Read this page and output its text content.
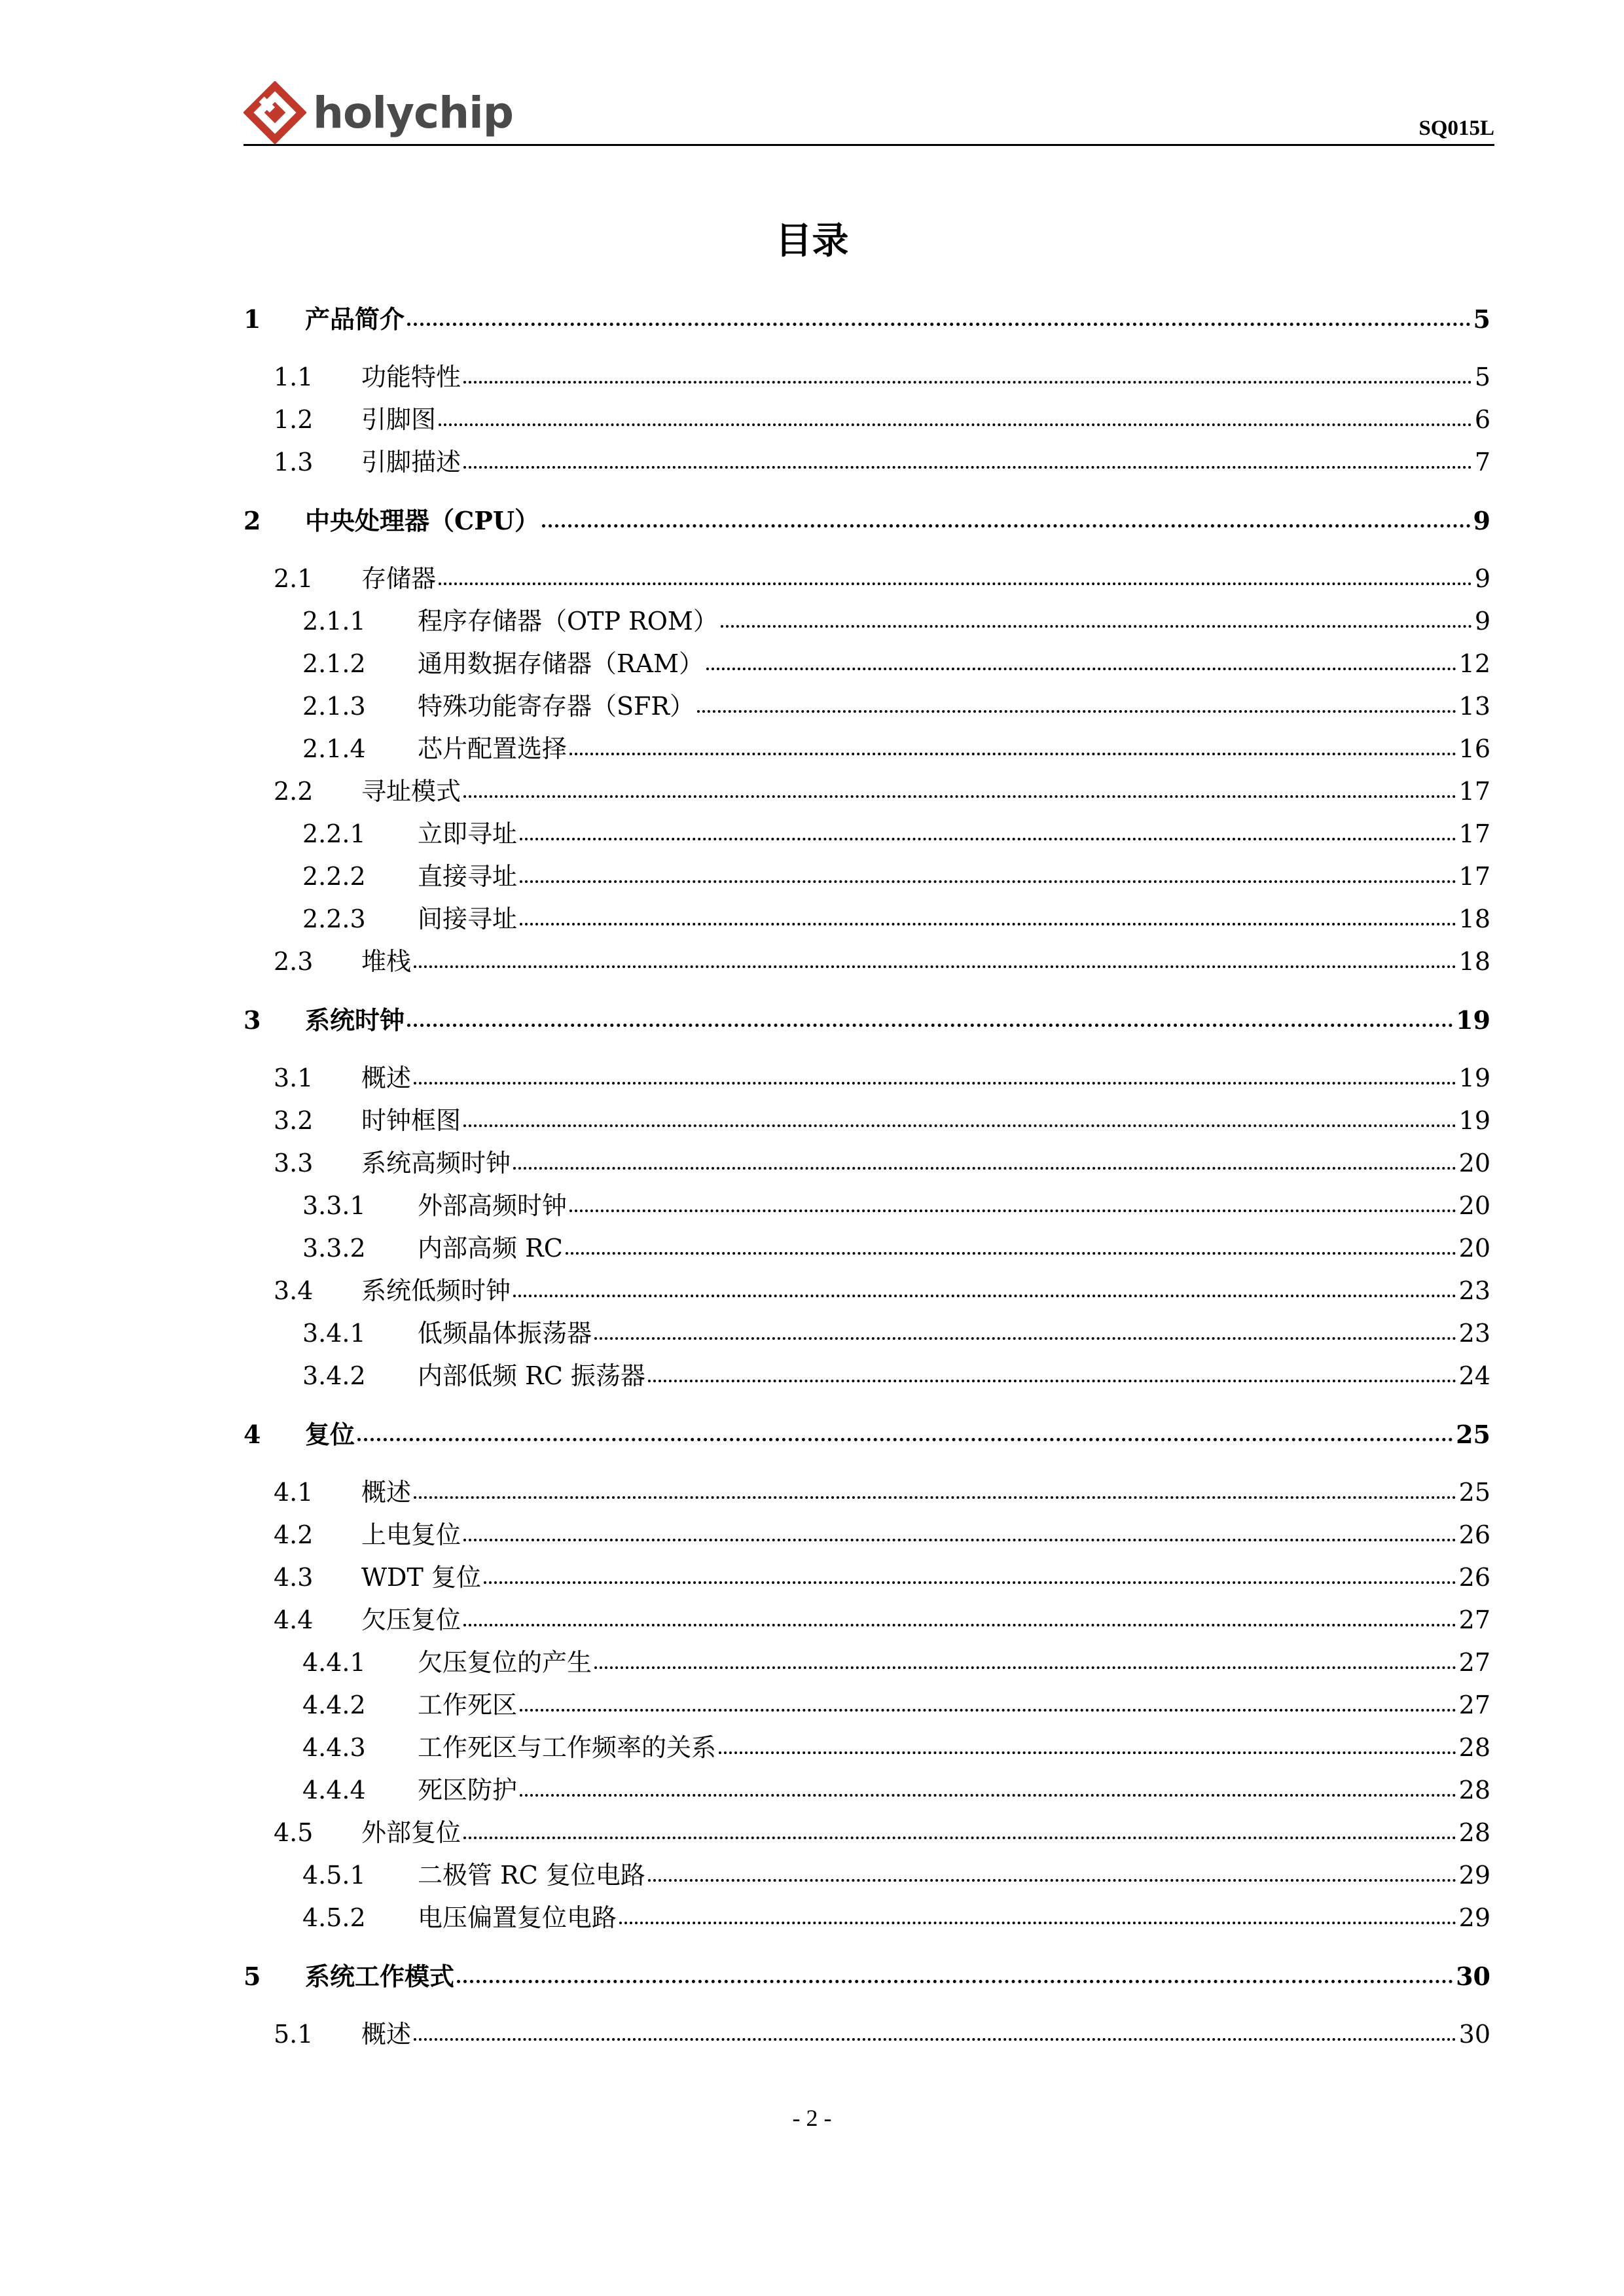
holychip	SQ015L
目录
1	产品简介	5
1.1	功能特性	5
1.2	引脚图	6
1.3	引脚描述	7
2	中央处理器（CPU）	9
2.1	存储器	9
2.1.1	程序存储器（OTP ROM）	9
2.1.2	通用数据存储器（RAM）	12
2.1.3	特殊功能寄存器（SFR）	13
2.1.4	芯片配置选择	16
2.2	寻址模式	17
2.2.1	立即寻址	17
2.2.2	直接寻址	17
2.2.3	间接寻址	18
2.3	堆栈	18
3	系统时钟	19
3.1	概述	19
3.2	时钟框图	19
3.3	系统高频时钟	20
3.3.1	外部高频时钟	20
3.3.2	内部高频 RC	20
3.4	系统低频时钟	23
3.4.1	低频晶体振荡器	23
3.4.2	内部低频 RC 振荡器	24
4	复位	25
4.1	概述	25
4.2	上电复位	26
4.3	WDT 复位	26
4.4	欠压复位	27
4.4.1	欠压复位的产生	27
4.4.2	工作死区	27
4.4.3	工作死区与工作频率的关系	28
4.4.4	死区防护	28
4.5	外部复位	28
4.5.1	二极管 RC 复位电路	29
4.5.2	电压偏置复位电路	29
5	系统工作模式	30
5.1	概述	30
- 2 -
